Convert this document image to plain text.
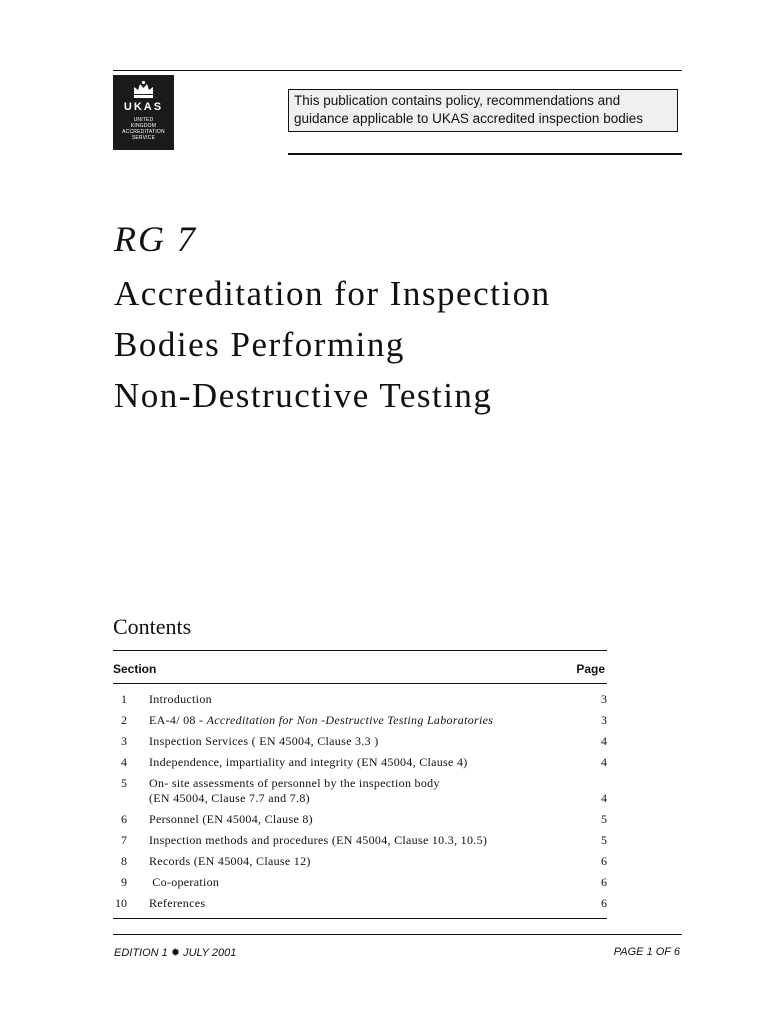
UKAS
UNITED
KINGDOM
ACCREDITATION
SERVICE
This publication contains policy, recommendations and
guidance applicable to UKAS accredited inspection bodies
RG 7
Accreditation for Inspection
Bodies Performing
Non-Destructive Testing
Contents
Section	Page
1 Introduction	3
2 EA-4/ 08 - Accreditation for Non -Destructive Testing Laboratories	3
3 Inspection Services ( EN 45004, Clause 3.3 )	4
4 Independence, impartiality and integrity (EN 45004, Clause 4)	4
5 On- site assessments of personnel by the inspection body
(EN 45004, Clause 7.7 and 7.8)	4
6 Personnel (EN 45004, Clause 8)	5
7 Inspection methods and procedures (EN 45004, Clause 10.3, 10.5)	5
8 Records (EN 45004, Clause 12)	6
9 Co-operation	6
10 References	6
EDITION 1 ✹ JULY 2001	PAGE 1 OF 6
